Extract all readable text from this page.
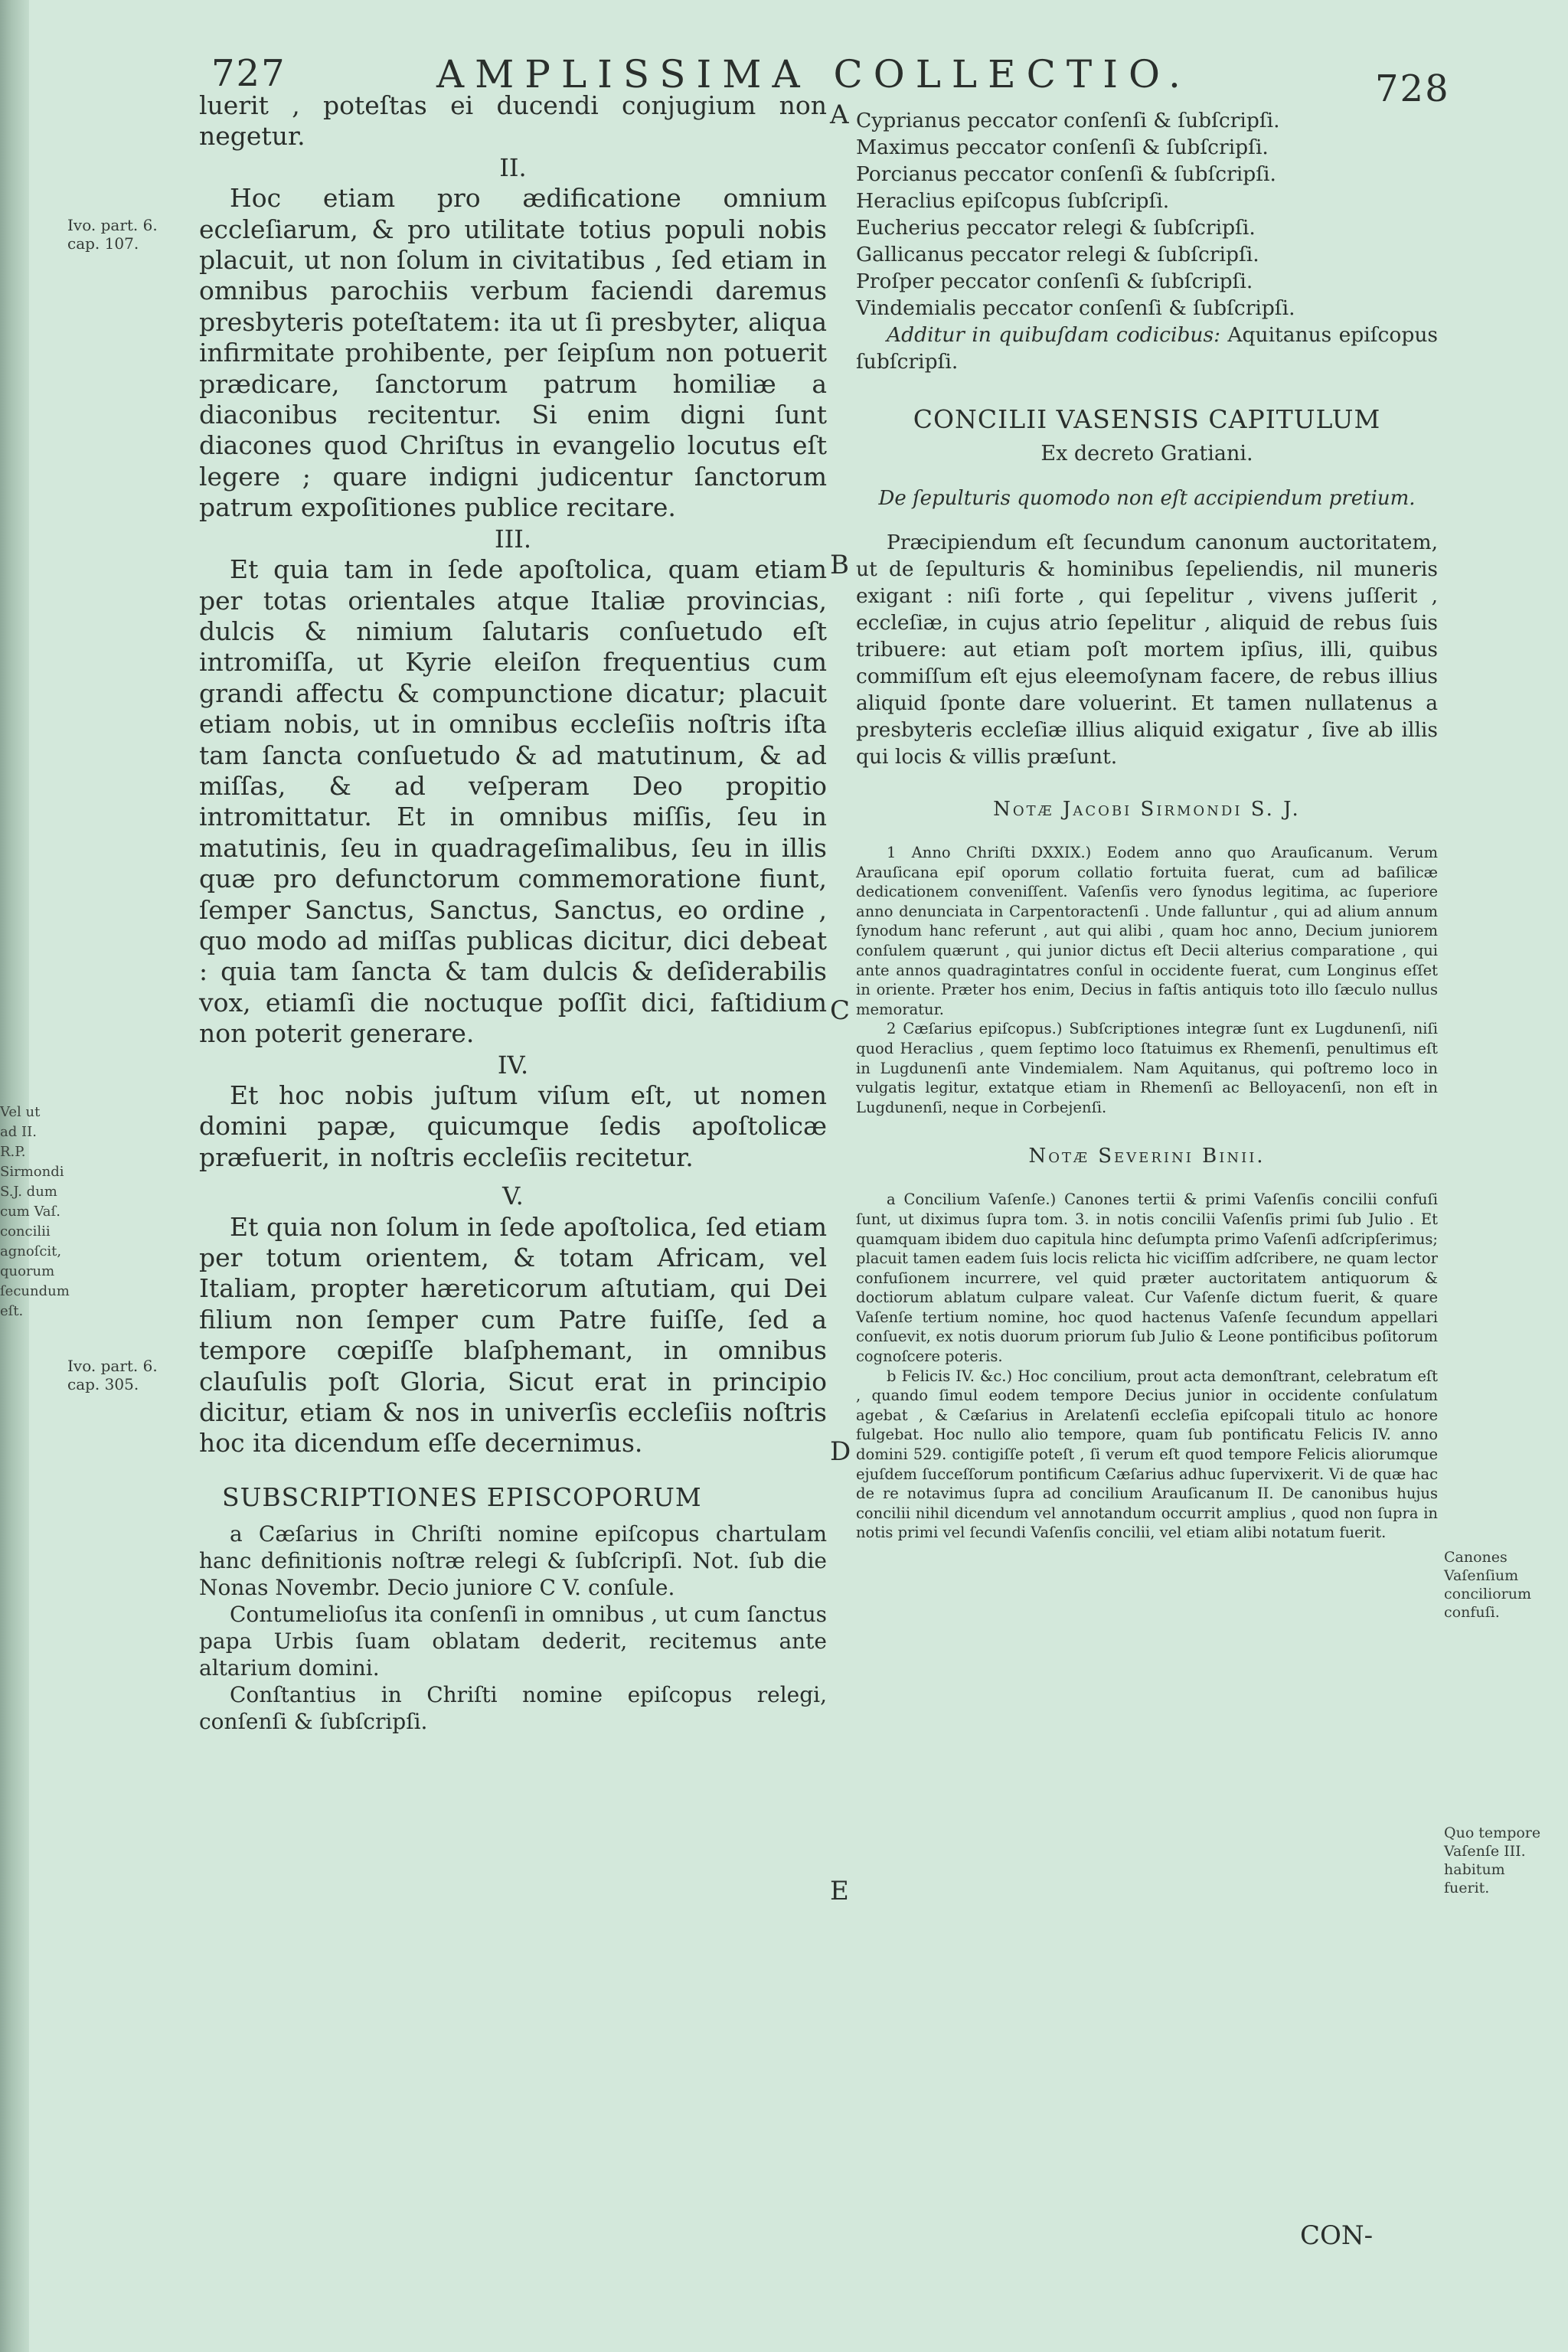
727	AMPLISSIMA COLLECTIO.	728
Ivo. part. 6. cap. 107.
Ivo. part. 6. cap. 305.
A
B
C
D
E

luerit , poteſtas ei ducendi conjugium non negetur.

II.

Hoc etiam pro ædificatione omnium eccleſiarum, & pro utilitate totius populi nobis placuit, ut non ſolum in civitatibus , ſed etiam in omnibus parochiis verbum faciendi daremus presbyteris poteſtatem: ita ut ſi presbyter, aliqua infirmitate prohibente, per ſeipſum non potuerit prædicare, ſanctorum patrum homiliæ a diaconibus recitentur. Si enim digni ſunt diacones quod Chriſtus in evangelio locutus eſt legere ; quare indigni judicentur ſanctorum patrum expoſitiones publice recitare.

III.

Et quia tam in ſede apoſtolica, quam etiam per totas orientales atque Italiæ provincias, dulcis & nimium ſalutaris conſuetudo eſt intromiſſa, ut Kyrie eleiſon frequentius cum grandi affectu & compunctione dicatur; placuit etiam nobis, ut in omnibus eccleſiis noſtris iſta tam ſancta conſuetudo & ad matutinum, & ad miſſas, & ad veſperam Deo propitio intromittatur. Et in omnibus miſſis, ſeu in matutinis, ſeu in quadrageſimalibus, ſeu in illis quæ pro defunctorum commemoratione fiunt, ſemper Sanctus, Sanctus, Sanctus, eo ordine , quo modo ad miſſas publicas dicitur, dici debeat : quia tam ſancta & tam dulcis & deſiderabilis vox, etiamſi die noctuque poſſit dici, faſtidium non poterit generare.

IV.

Et hoc nobis juſtum viſum eſt, ut nomen domini papæ, quicumque ſedis apoſtolicæ præfuerit, in noſtris eccleſiis recitetur.

V.

Et quia non ſolum in ſede apoſtolica, ſed etiam per totum orientem, & totam Africam, vel Italiam, propter hæreticorum aſtutiam, qui Dei filium non ſemper cum Patre fuiſſe, ſed a tempore cœpiſſe blaſphemant, in omnibus clauſulis poſt Gloria, Sicut erat in principio dicitur, etiam & nos in univerſis eccleſiis noſtris hoc ita dicendum eſſe decernimus.

SUBSCRIPTIONES EPISCOPORUM

a Cæſarius in Chriſti nomine epiſcopus chartulam hanc definitionis noſtræ relegi & ſubſcripſi. Not. ſub die Nonas Novembr. Decio juniore C V. conſule.

Contumelioſus ita conſenſi in omnibus , ut cum ſanctus papa Urbis ſuam oblatam dederit, recitemus ante altarium domini.

Conſtantius in Chriſti nomine epiſcopus relegi, conſenſi & ſubſcripſi.

Cyprianus peccator conſenſi & ſubſcripſi.
Maximus peccator conſenſi & ſubſcripſi.
Porcianus peccator conſenſi & ſubſcripſi.
Heraclius epiſcopus ſubſcripſi.
Eucherius peccator relegi & ſubſcripſi.
Gallicanus peccator relegi & ſubſcripſi.
Proſper peccator conſenſi & ſubſcripſi.
Vindemialis peccator conſenſi & ſubſcripſi.

Additur in quibuſdam codicibus: Aquitanus epiſcopus ſubſcripſi.

CONCILII VASENSIS CAPITULUM

Ex decreto Gratiani.

De ſepulturis quomodo non eſt accipiendum pretium.

Præcipiendum eſt ſecundum canonum auctoritatem, ut de ſepulturis & hominibus ſepeliendis, nil muneris exigant : niſi forte , qui ſepelitur , vivens juſſerit , eccleſiæ, in cujus atrio ſepelitur , aliquid de rebus ſuis tribuere: aut etiam poſt mortem ipſius, illi, quibus commiſſum eſt ejus eleemoſynam facere, de rebus illius aliquid ſponte dare voluerint. Et tamen nullatenus a presbyteris eccleſiæ illius aliquid exigatur , ſive ab illis qui locis & villis præſunt.

Notæ Jacobi Sirmondi S. J.

1 Anno Chriſti DXXIX.) Eodem anno quo Arauſicanum. Verum Arauſicana epiſ oporum collatio fortuita fuerat, cum ad baſilicæ dedicationem conveniſſent. Vaſenſis vero ſynodus legitima, ac ſuperiore anno denunciata in Carpentoractenſi . Unde falluntur , qui ad alium annum ſynodum hanc referunt , aut qui alibi , quam hoc anno, Decium juniorem conſulem quærunt , qui junior dictus eſt Decii alterius comparatione , qui ante annos quadragintatres conſul in occidente fuerat, cum Longinus eſſet in oriente. Præter hos enim, Decius in faſtis antiquis toto illo ſæculo nullus memoratur.

2 Cæſarius epiſcopus.) Subſcriptiones integræ ſunt ex Lugdunenſi, niſi quod Heraclius , quem ſeptimo loco ſtatuimus ex Rhemenſi, penultimus eſt in Lugdunenſi ante Vindemialem. Nam Aquitanus, qui poſtremo loco in vulgatis legitur, extatque etiam in Rhemenſi ac Belloyacenſi, non eſt in Lugdunenſi, neque in Corbejenſi.

Notæ Severini Binii.

a Concilium Vaſenſe.) Canones tertii & primi Vaſenſis concilii confuſi ſunt, ut diximus ſupra tom. 3. in notis concilii Vaſenſis primi ſub Julio . Et quamquam ibidem duo capitula hinc deſumpta primo Vaſenſi adſcripſerimus; placuit tamen eadem ſuis locis relicta hic viciſſim adſcribere, ne quam lector confuſionem incurrere, vel quid præter auctoritatem antiquorum & doctiorum ablatum culpare valeat. Cur Vaſenſe dictum fuerit, & quare Vaſenſe tertium nomine, hoc quod hactenus Vaſenſe ſecundum appellari conſuevit, ex notis duorum priorum ſub Julio & Leone pontificibus poſitorum cognoſcere poteris.

b Felicis IV. &c.) Hoc concilium, prout acta demonſtrant, celebratum eſt , quando ſimul eodem tempore Decius junior in occidente conſulatum agebat , & Cæſarius in Arelatenſi eccleſia epiſcopali titulo ac honore fulgebat. Hoc nullo alio tempore, quam ſub pontificatu Felicis IV. anno domini 529. contigiſſe poteſt , ſi verum eſt quod tempore Felicis aliorumque ejuſdem ſucceſſorum pontificum Cæſarius adhuc ſupervixerit. Vi de quæ hac de re notavimus ſupra ad concilium Arauſicanum II. De canonibus hujus concilii nihil dicendum vel annotandum occurrit amplius , quod non ſupra in notis primi vel ſecundi Vaſenſis concilii, vel etiam alibi notatum fuerit.

Canones Vaſenſium conciliorum confuſi.
Quo tempore Vaſenſe III. habitum fuerit.
CON-
Vel ut ad II. R.P. Sirmondi S.J. dum cum Vaſ. concilii agnoſcit, quorum ſecundum eſt.
